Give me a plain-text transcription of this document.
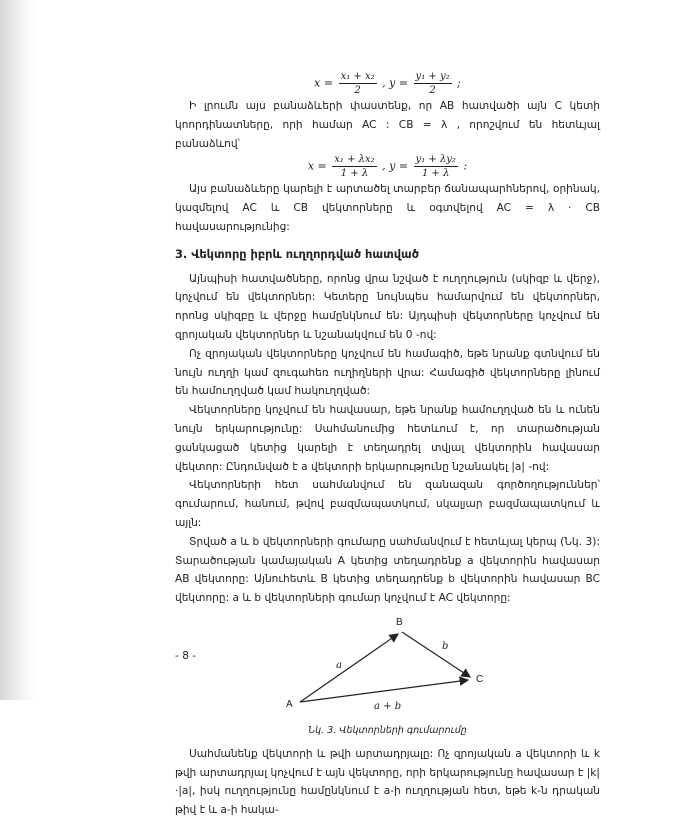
$x = \frac{\text{x₁ + x₂}}{2}$ , $y = \frac{\text{y₁ + y₂}}{2}$ ;

Ի լրումն այս բանաձևերի փաստենք, որ AB հատվածի այն C կետի կոորդինատները, որի համար AC : CB = λ , որոշվում են հետևյալ բանաձևով՝

$x = \frac{\text{x₁ + λx₂}}{1 + \lambda}$ , $y = \frac{\text{y₁ + λy₂}}{1 + \lambda}$ :

Այս բանաձևերը կարելի է արտածել տարբեր ճանապարհներով, օրինակ, կազմելով AC և CB վեկտորները և օգտվելով AC = λ · CB հավասարությունից:

3. Վեկտորը իբրև ուղղորդված հատված

Այնպիսի հատվածները, որոնց վրա նշված է ուղղություն (սկիզբ և վերջ), կոչվում են վեկտորներ: Կետերը նույնպես համարվում են վեկտորներ, որոնց սկիզբը և վերջը համընկնում են: Այդպիսի վեկտորները կոչվում են զրոյական վեկտորներ և նշանակվում են 0 -ով:

Ոչ զրոյական վեկտորները կոչվում են համագիծ, եթե նրանք գտնվում են նույն ուղղի կամ զուգահեռ ուղիղների վրա: Համագիծ վեկտորները լինում են համուղղված կամ հակուղղված:

Վեկտորները կոչվում են հավասար, եթե նրանք համուղղված են և ունեն նույն երկարությունը: Սահմանումից հետևում է, որ տարածության ցանկացած կետից կարելի է տեղադրել տվյալ վեկտորին հավասար վեկտոր: Ընդունված է a վեկտորի երկարությունը նշանակել |a| -ով:

Վեկտորների հետ սահմանվում են զանազան գործողություններ՝ գումարում, հանում, թվով բազմապատկում, սկալյար բազմապատկում և այլն:

Տրված a և b վեկտորների գումարը սահմանվում է հետևյալ կերպ (Նկ. 3): Տարածության կամայական A կետից տեղադրենք a վեկտորին հավասար AB վեկտորը: Այնուհետև B կետից տեղադրենք b վեկտորին հավասար BC վեկտորը: a և b վեկտորների գումար կոչվում է AC վեկտորը:

A
B
C
a
b
a + b
Նկ. 3. Վեկտորների գումարումը

Սահմանենք վեկտորի և թվի արտադրյալը: Ոչ զրոյական a վեկտորի և k թվի արտադրյալ կոչվում է այն վեկտորը, որի երկարությունը հավասար է |k|·|a|, իսկ ուղղությունը համընկնում է a-ի ուղղության հետ, եթե k-ն դրական թիվ է և a-ի հակա-

- 8 -
